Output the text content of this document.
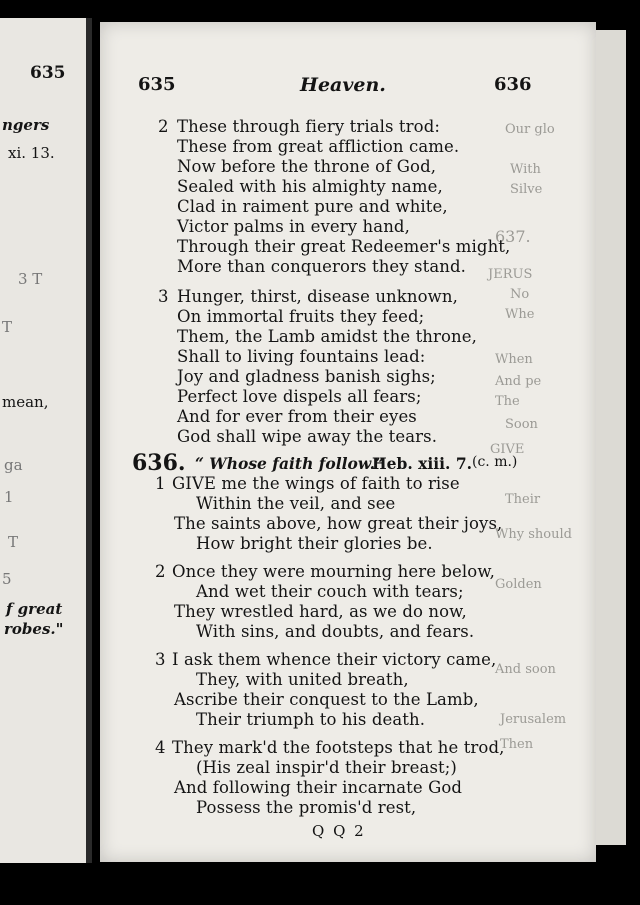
635
ngers
xi. 13.
3 T
T
mean,
ga
1
T
5
f great
robes."
Our glo
With
Silve
637.
JERUS
No
Whe
When
And pe
The
Soon
GIVE
Their
Why should
Golden
And soon
Jerusalem
Then
635	Heaven.	636
2 These through fiery trials trod:
These from great affliction came.
Now before the throne of God,
Sealed with his almighty name,
Clad in raiment pure and white,
Victor palms in every hand,
Through their great Redeemer's might,
More than conquerors they stand.
3 Hunger, thirst, disease unknown,
On immortal fruits they feed;
Them, the Lamb amidst the throne,
Shall to living fountains lead:
Joy and gladness banish sighs;
Perfect love dispels all fears;
And for ever from their eyes
God shall wipe away the tears.
636. “ Whose faith follow.”
Heb. xiii. 7. (c. m.)
1 GIVE me the wings of faith to rise
Within the veil, and see
The saints above, how great their joys,
How bright their glories be.
2 Once they were mourning here below,
And wet their couch with tears;
They wrestled hard, as we do now,
With sins, and doubts, and fears.
3 I ask them whence their victory came,
They, with united breath,
Ascribe their conquest to the Lamb,
Their triumph to his death.
4 They mark'd the footsteps that he trod,
(His zeal inspir'd their breast;)
And following their incarnate God
Possess the promis'd rest,
Q Q 2
